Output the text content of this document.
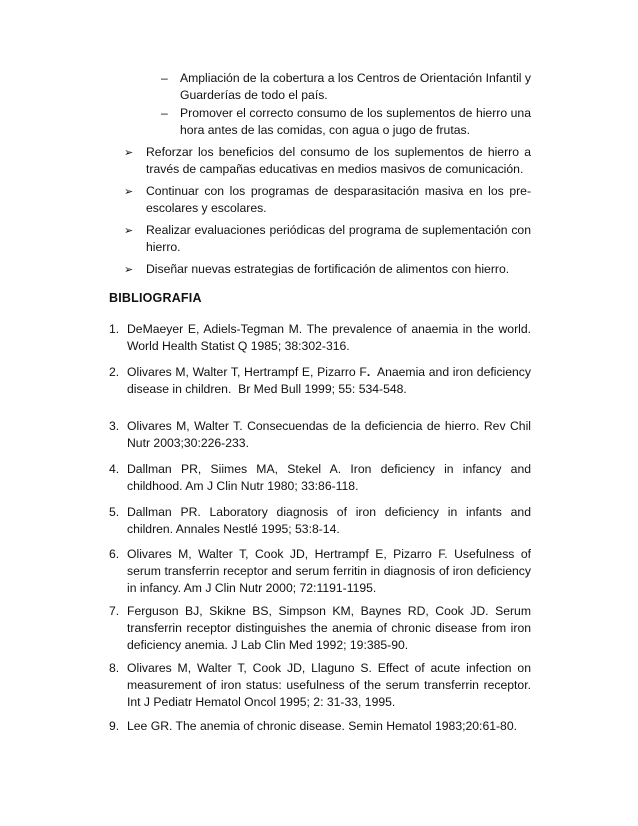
–	Ampliación de la cobertura a los Centros de Orientación Infantil y Guarderías de todo el país.
–	Promover el correcto consumo de los suplementos de hierro una hora antes de las comidas, con agua o jugo de frutas.
➢ Reforzar los beneficios del consumo de los suplementos de hierro a través de campañas educativas en medios masivos de comunicación.
➢ Continuar con los programas de desparasitación masiva en los pre-escolares y escolares.
➢ Realizar evaluaciones periódicas del programa de suplementación con hierro.
➢ Diseñar nuevas estrategias de fortificación de alimentos con hierro.
BIBLIOGRAFIA
1. DeMaeyer E, Adiels-Tegman M. The prevalence of anaemia in the world. World Health Statist Q 1985; 38:302-316.
2. Olivares M, Walter T, Hertrampf E, Pizarro F.  Anaemia and iron deficiency disease in children.  Br Med Bull 1999; 55: 534-548.
3. Olivares M, Walter T. Consecuendas de la deficiencia de hierro. Rev Chil Nutr 2003;30:226-233.
4. Dallman PR, Siimes MA, Stekel A. Iron deficiency in infancy and childhood. Am J Clin Nutr 1980; 33:86-118.
5. Dallman PR. Laboratory diagnosis of iron deficiency in infants and children. Annales Nestlé 1995; 53:8-14.
6. Olivares M, Walter T, Cook JD, Hertrampf E, Pizarro F. Usefulness of serum transferrin receptor and serum ferritin in diagnosis of iron deficiency in infancy. Am J Clin Nutr 2000; 72:1191-1195.
7. Ferguson BJ, Skikne BS, Simpson KM, Baynes RD, Cook JD. Serum transferrin receptor distinguishes the anemia of chronic disease from iron deficiency anemia. J Lab Clin Med 1992; 19:385-90.
8. Olivares M, Walter T, Cook JD, Llaguno S. Effect of acute infection on measurement of iron status: usefulness of the serum transferrin receptor. Int J Pediatr Hematol Oncol 1995; 2: 31-33, 1995.
9. Lee GR. The anemia of chronic disease. Semin Hematol 1983;20:61-80.
